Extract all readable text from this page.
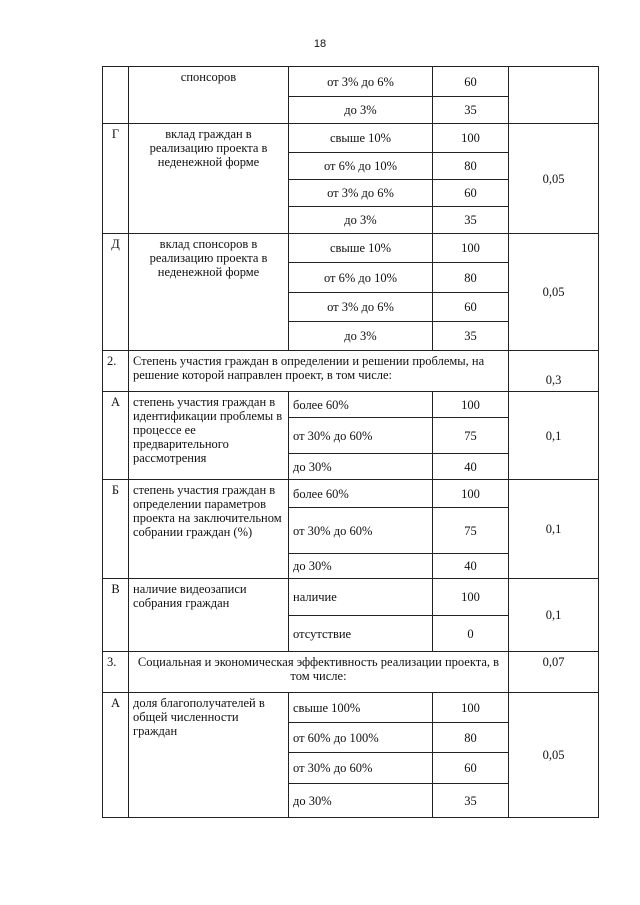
18
	спонсоров	от 3% до 6%	60	
		до 3%	35	
Г	вклад граждан в реализацию проекта в неденежной форме	свыше 10%	100	0,05
		от 6% до 10%	80	
		от 3% до 6%	60	
		до 3%	35	
Д	вклад спонсоров в реализацию проекта в неденежной форме	свыше 10%	100	0,05
		от 6% до 10%	80	
		от 3% до 6%	60	
		до 3%	35	
2.	Степень участия граждан в определении и решении проблемы, на решение которой направлен проект, в том числе:			0,3
А	степень участия граждан в идентификации проблемы в процессе ее предварительного рассмотрения	более 60%	100	0,1
		от 30% до 60%	75	
		до 30%	40	
Б	степень участия граждан в определении параметров проекта на заключительном собрании граждан (%)	более 60%	100	0,1
		от 30% до 60%	75	
		до 30%	40	
В	наличие видеозаписи собрания граждан	наличие	100	0,1
		отсутствие	0	
3.	Социальная и экономическая эффективность реализации проекта, в том числе:			0,07
А	доля благополучателей в общей численности граждан	свыше 100%	100	0,05
		от 60% до 100%	80	
		от 30% до 60%	60	
		до 30%	35	
